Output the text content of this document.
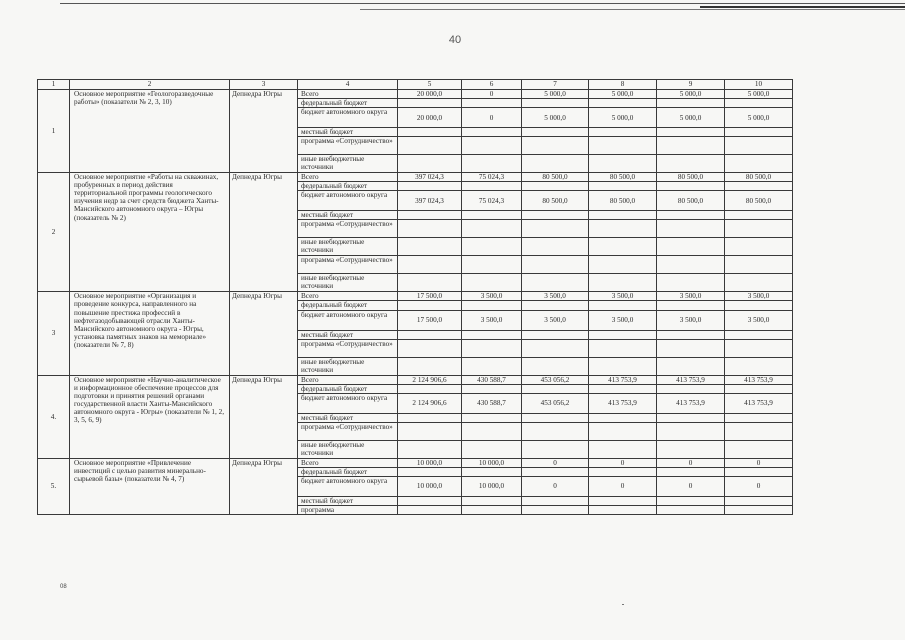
40
1	2	3	4	5	6	7	8	9	10
1	Основное мероприятие «Геологоразведочные работы» (показатели № 2, 3, 10)	Депнедра Югры	Всего	20 000,0	0	5 000,0	5 000,0	5 000,0	5 000,0
			федеральный бюджет						
			бюджет автономного округа	20 000,0	0	5 000,0	5 000,0	5 000,0	5 000,0
			местный бюджет						
			программа «Сотрудничество»						
			иные внебюджетные источники						
2	Основное мероприятие «Работы на скважинах, пробуренных в период действия территориальной программы геологического изучения недр за счет средств бюджета Ханты-Мансийского автономного округа – Югры (показатель № 2)	Депнедра Югры	Всего	397 024,3	75 024,3	80 500,0	80 500,0	80 500,0	80 500,0
			федеральный бюджет						
			бюджет автономного округа	397 024,3	75 024,3	80 500,0	80 500,0	80 500,0	80 500,0
			местный бюджет						
			программа «Сотрудничество»						
			иные внебюджетные источники						
			программа «Сотрудничество»						
			иные внебюджетные источники						
3	Основное мероприятие «Организация и проведение конкурса, направленного на повышение престижа профессий в нефтегазодобывающей отрасли Ханты-Мансийского автономного округа - Югры, установка памятных знаков на мемориале» (показатели № 7, 8)	Депнедра Югры	Всего	17 500,0	3 500,0	3 500,0	3 500,0	3 500,0	3 500,0
			федеральный бюджет						
			бюджет автономного округа	17 500,0	3 500,0	3 500,0	3 500,0	3 500,0	3 500,0
			местный бюджет						
			программа «Сотрудничество»						
			иные внебюджетные источники						
4.	Основное мероприятие «Научно-аналитическое и информационное обеспечение процессов для подготовки и принятия решений органами государственной власти Ханты-Мансийского автономного округа - Югры» (показатели № 1, 2, 3, 5, 6, 9)	Депнедра Югры	Всего	2 124 906,6	430 588,7	453 056,2	413 753,9	413 753,9	413 753,9
			федеральный бюджет						
			бюджет автономного округа	2 124 906,6	430 588,7	453 056,2	413 753,9	413 753,9	413 753,9
			местный бюджет						
			программа «Сотрудничество»						
			иные внебюджетные источники						
5.	Основное мероприятие «Привлечение инвестиций с целью развития минерально-сырьевой базы» (показатели № 4, 7)	Депнедра Югры	Всего	10 000,0	10 000,0	0	0	0	0
			федеральный бюджет						
			бюджет автономного округа	10 000,0	10 000,0	0	0	0	0
			местный бюджет						
			программа						
08
